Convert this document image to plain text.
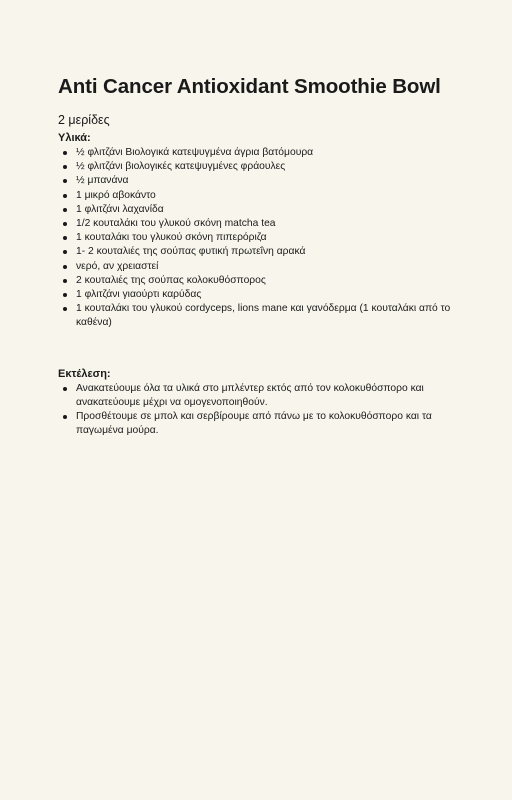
Anti Cancer Antioxidant Smoothie Bowl
2 μερίδες
Υλικά:
½ φλιτζάνι Βιολογικά κατεψυγμένα άγρια βατόμουρα
½ φλιτζάνι βιολογικές κατεψυγμένες φράουλες
½ μπανάνα
1 μικρό αβοκάντο
1 φλιτζάνι λαχανίδα
1/2 κουταλάκι του γλυκού σκόνη matcha tea
1 κουταλάκι του γλυκού σκόνη πιπερόριζα
1- 2 κουταλιές της σούπας φυτική πρωτεΐνη αρακά
νερό, αν χρειαστεί
2 κουταλιές της σούπας κολοκυθόσπορος
1 φλιτζάνι γιαούρτι καρύδας
1 κουταλάκι του γλυκού cordyceps, lions mane και γανόδερμα (1 κουταλάκι από το καθένα)
Εκτέλεση:
Ανακατεύουμε όλα τα υλικά στο μπλέντερ εκτός από τον κολοκυθόσπορο και ανακατεύουμε μέχρι να ομογενοποιηθούν.
Προσθέτουμε σε μπολ και σερβίρουμε από πάνω με το κολοκυθόσπορο και τα παγωμένα μούρα.
